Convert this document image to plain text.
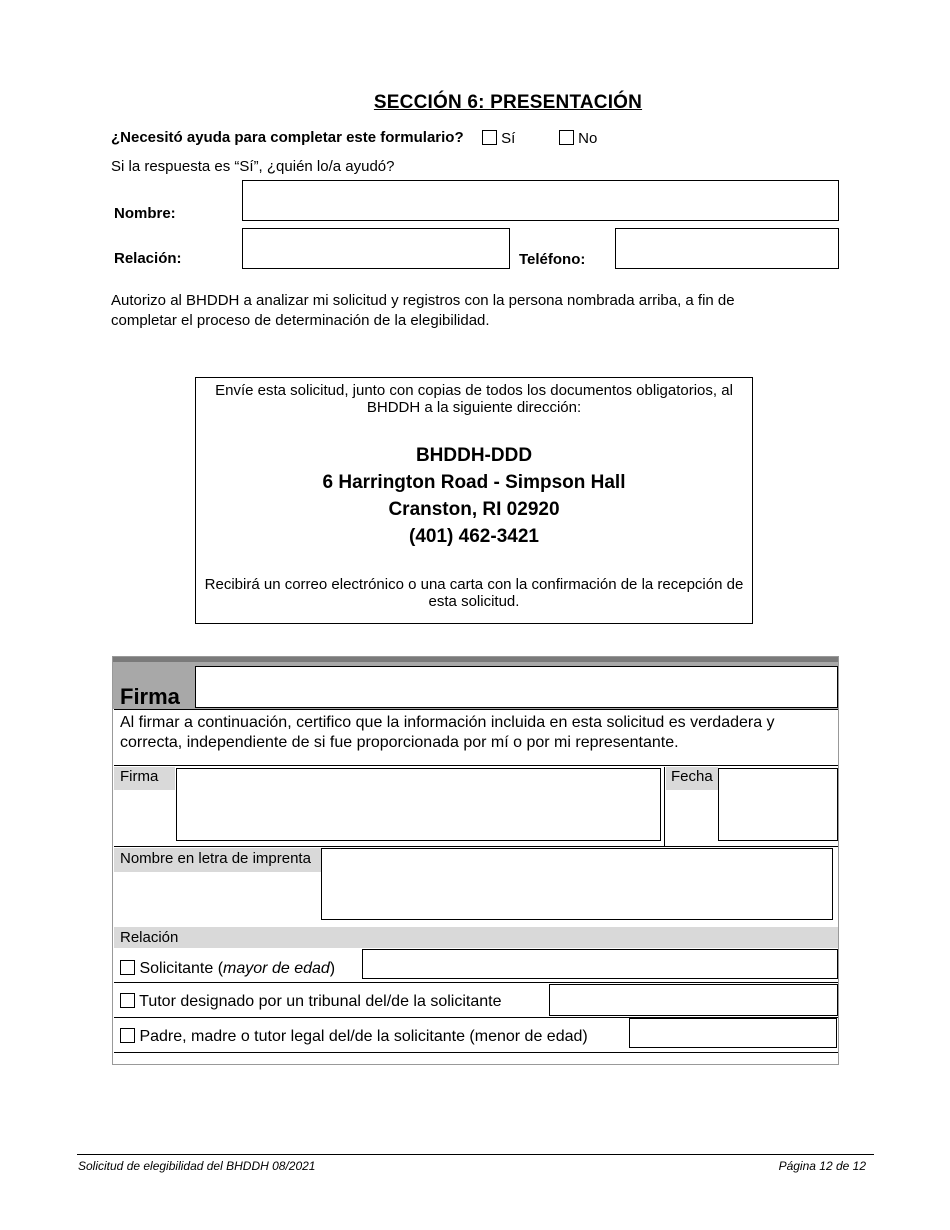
SECCIÓN 6: PRESENTACIÓN
¿Necesitó ayuda para completar este formulario?	Sí	No
Si la respuesta es “Sí”, ¿quién lo/a ayudó?
Nombre:
Relación:	Teléfono:
Autorizo al BHDDH a analizar mi solicitud y registros con la persona nombrada arriba, a fin de completar el proceso de determinación de la elegibilidad.
Envíe esta solicitud, junto con copias de todos los documentos obligatorios, al BHDDH a la siguiente dirección:
BHDDH-DDD
6 Harrington Road - Simpson Hall
Cranston, RI 02920
(401) 462-3421
Recibirá un correo electrónico o una carta con la confirmación de la recepción de esta solicitud.
Firma
Al firmar a continuación, certifico que la información incluida en esta solicitud es verdadera y correcta, independiente de si fue proporcionada por mí o por mi representante.
Firma	Fecha
Nombre en letra de imprenta
Relación
Solicitante (mayor de edad)
Tutor designado por un tribunal del/de la solicitante
Padre, madre o tutor legal del/de la solicitante (menor de edad)
Solicitud de elegibilidad del BHDDH 08/2021	Página 12 de 12
